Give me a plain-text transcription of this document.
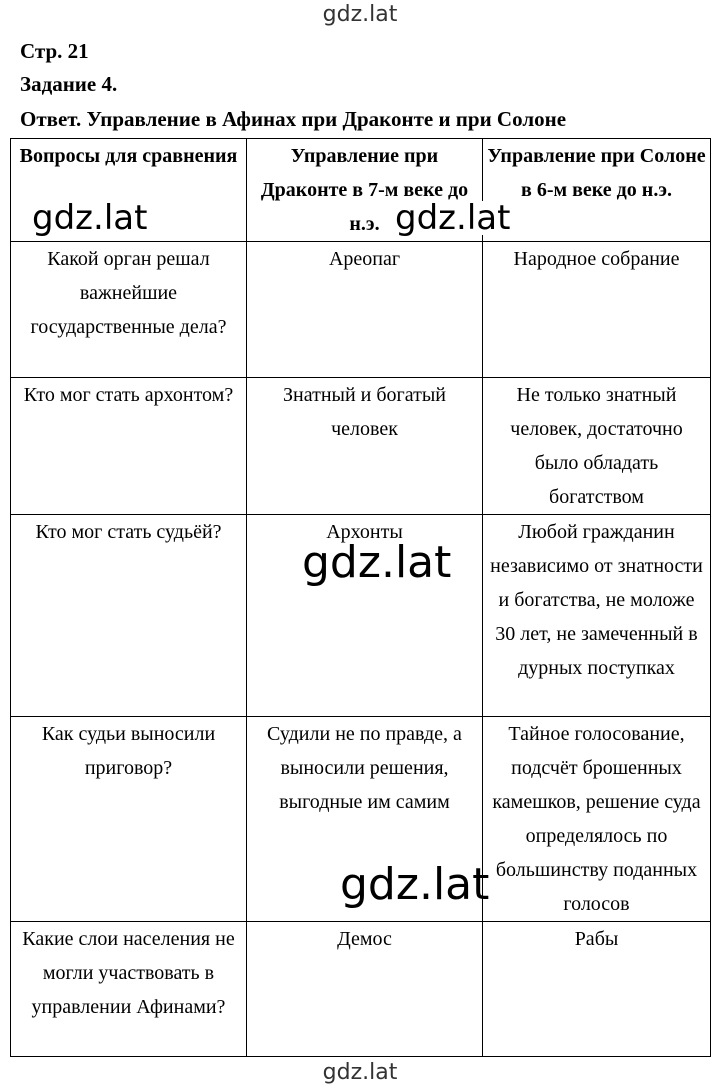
gdz.lat
Стр. 21
Задание 4.
Ответ. Управление в Афинах при Драконте и при Солоне
Вопросы для сравнения	Управление при Драконте в 7-м веке до н.э.	Управление при Солоне в 6-м веке до н.э.
Какой орган решал важнейшие государственные дела?	Ареопаг	Народное собрание
Кто мог стать архонтом?	Знатный и богатый человек	Не только знатный человек, достаточно было обладать богатством
Кто мог стать судьёй?	Архонты	Любой гражданин независимо от знатности и богатства, не моложе 30 лет, не замеченный в дурных поступках
Как судьи выносили приговор?	Судили не по правде, а выносили решения, выгодные им самим	Тайное голосование, подсчёт брошенных камешков, решение суда определялось по большинству поданных голосов
Какие слои населения не могли участвовать в управлении Афинами?	Демос	Рабы
gdz.lat	gdz.lat
gdz.lat
gdz.lat
gdz.lat
